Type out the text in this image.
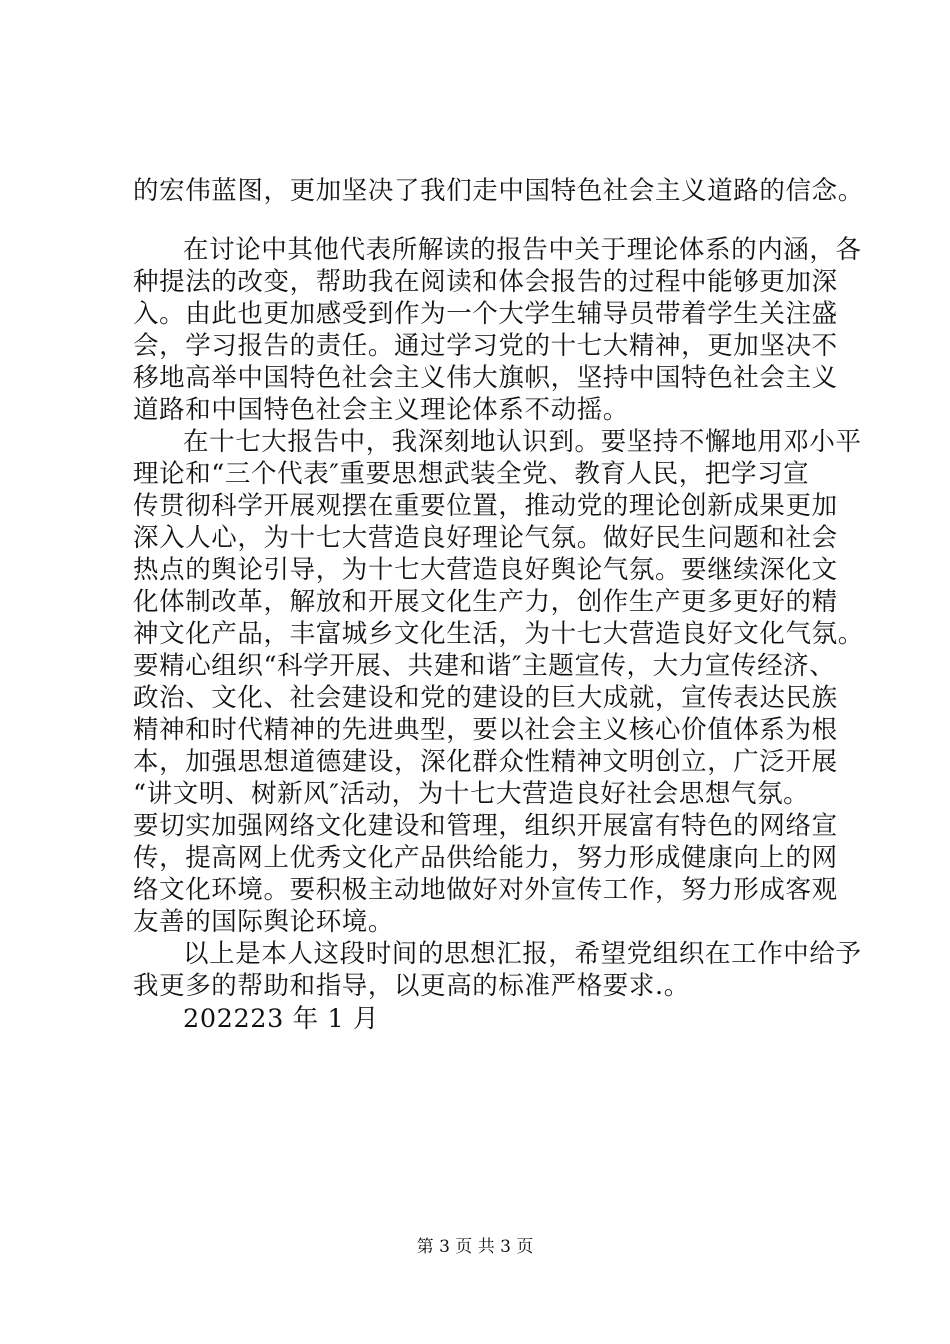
的宏伟蓝图，更加坚决了我们走中国特色社会主义道路的信念。
在讨论中其他代表所解读的报告中关于理论体系的内涵，各
种提法的改变，帮助我在阅读和体会报告的过程中能够更加深
入。由此也更加感受到作为一个大学生辅导员带着学生关注盛
会，学习报告的责任。通过学习党的十七大精神，更加坚决不
移地高举中国特色社会主义伟大旗帜，坚持中国特色社会主义
道路和中国特色社会主义理论体系不动摇。
在十七大报告中，我深刻地认识到。要坚持不懈地用邓小平
理论和“三个代表″重要思想武装全党、教育人民，把学习宣
传贯彻科学开展观摆在重要位置，推动党的理论创新成果更加
深入人心，为十七大营造良好理论气氛。做好民生问题和社会
热点的舆论引导，为十七大营造良好舆论气氛。要继续深化文
化体制改革，解放和开展文化生产力，创作生产更多更好的精
神文化产品，丰富城乡文化生活，为十七大营造良好文化气氛。
要精心组织“科学开展、共建和谐″主题宣传，大力宣传经济、
政治、文化、社会建设和党的建设的巨大成就，宣传表达民族
精神和时代精神的先进典型，要以社会主义核心价值体系为根
本，加强思想道德建设，深化群众性精神文明创立，广泛开展
“讲文明、树新风″活动，为十七大营造良好社会思想气氛。
要切实加强网络文化建设和管理，组织开展富有特色的网络宣
传，提高网上优秀文化产品供给能力，努力形成健康向上的网
络文化环境。要积极主动地做好对外宣传工作，努力形成客观
友善的国际舆论环境。
以上是本人这段时间的思想汇报，希望党组织在工作中给予
我更多的帮助和指导，以更高的标准严格要求.。
202223 年 1 月
第 3 页 共 3 页
